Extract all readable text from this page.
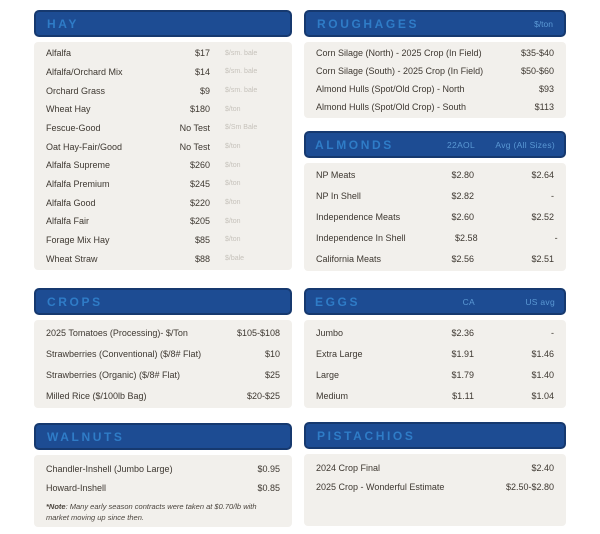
HAY
Alfalfa	$17	$/sm. bale
Alfalfa/Orchard Mix	$14	$/sm. bale
Orchard Grass	$9	$/sm. bale
Wheat Hay	$180	$/ton
Fescue-Good	No Test	$/Sm Bale
Oat Hay-Fair/Good	No Test	$/ton
Alfalfa Supreme	$260	$/ton
Alfalfa Premium	$245	$/ton
Alfalfa Good	$220	$/ton
Alfalfa Fair	$205	$/ton
Forage Mix Hay	$85	$/ton
Wheat Straw	$88	$/bale
CROPS
2025 Tomatoes (Processing)- $/Ton	$105-$108
Strawberries (Conventional) ($/8# Flat)	$10
Strawberries (Organic) ($/8# Flat)	$25
Milled Rice ($/100lb Bag)	$20-$25
WALNUTS
Chandler-Inshell (Jumbo Large)	$0.95
Howard-Inshell	$0.85
*Note: Many early season contracts were taken at $0.70/lb with market moving up since then.
ROUGHAGES	$/ton
Corn Silage (North) - 2025 Crop (In Field)	$35-$40
Corn Silage (South) - 2025 Crop (In Field)	$50-$60
Almond Hulls (Spot/Old Crop) - North	$93
Almond Hulls (Spot/Old Crop) - South	$113
ALMONDS	22AOL	Avg (All Sizes)
NP Meats	$2.80	$2.64
NP In Shell	$2.82	-
Independence Meats	$2.60	$2.52
Independence In Shell	$2.58	-
California Meats	$2.56	$2.51
EGGS	CA	US avg
Jumbo	$2.36	-
Extra Large	$1.91	$1.46
Large	$1.79	$1.40
Medium	$1.11	$1.04
PISTACHIOS
2024 Crop Final	$2.40
2025 Crop - Wonderful Estimate	$2.50-$2.80
